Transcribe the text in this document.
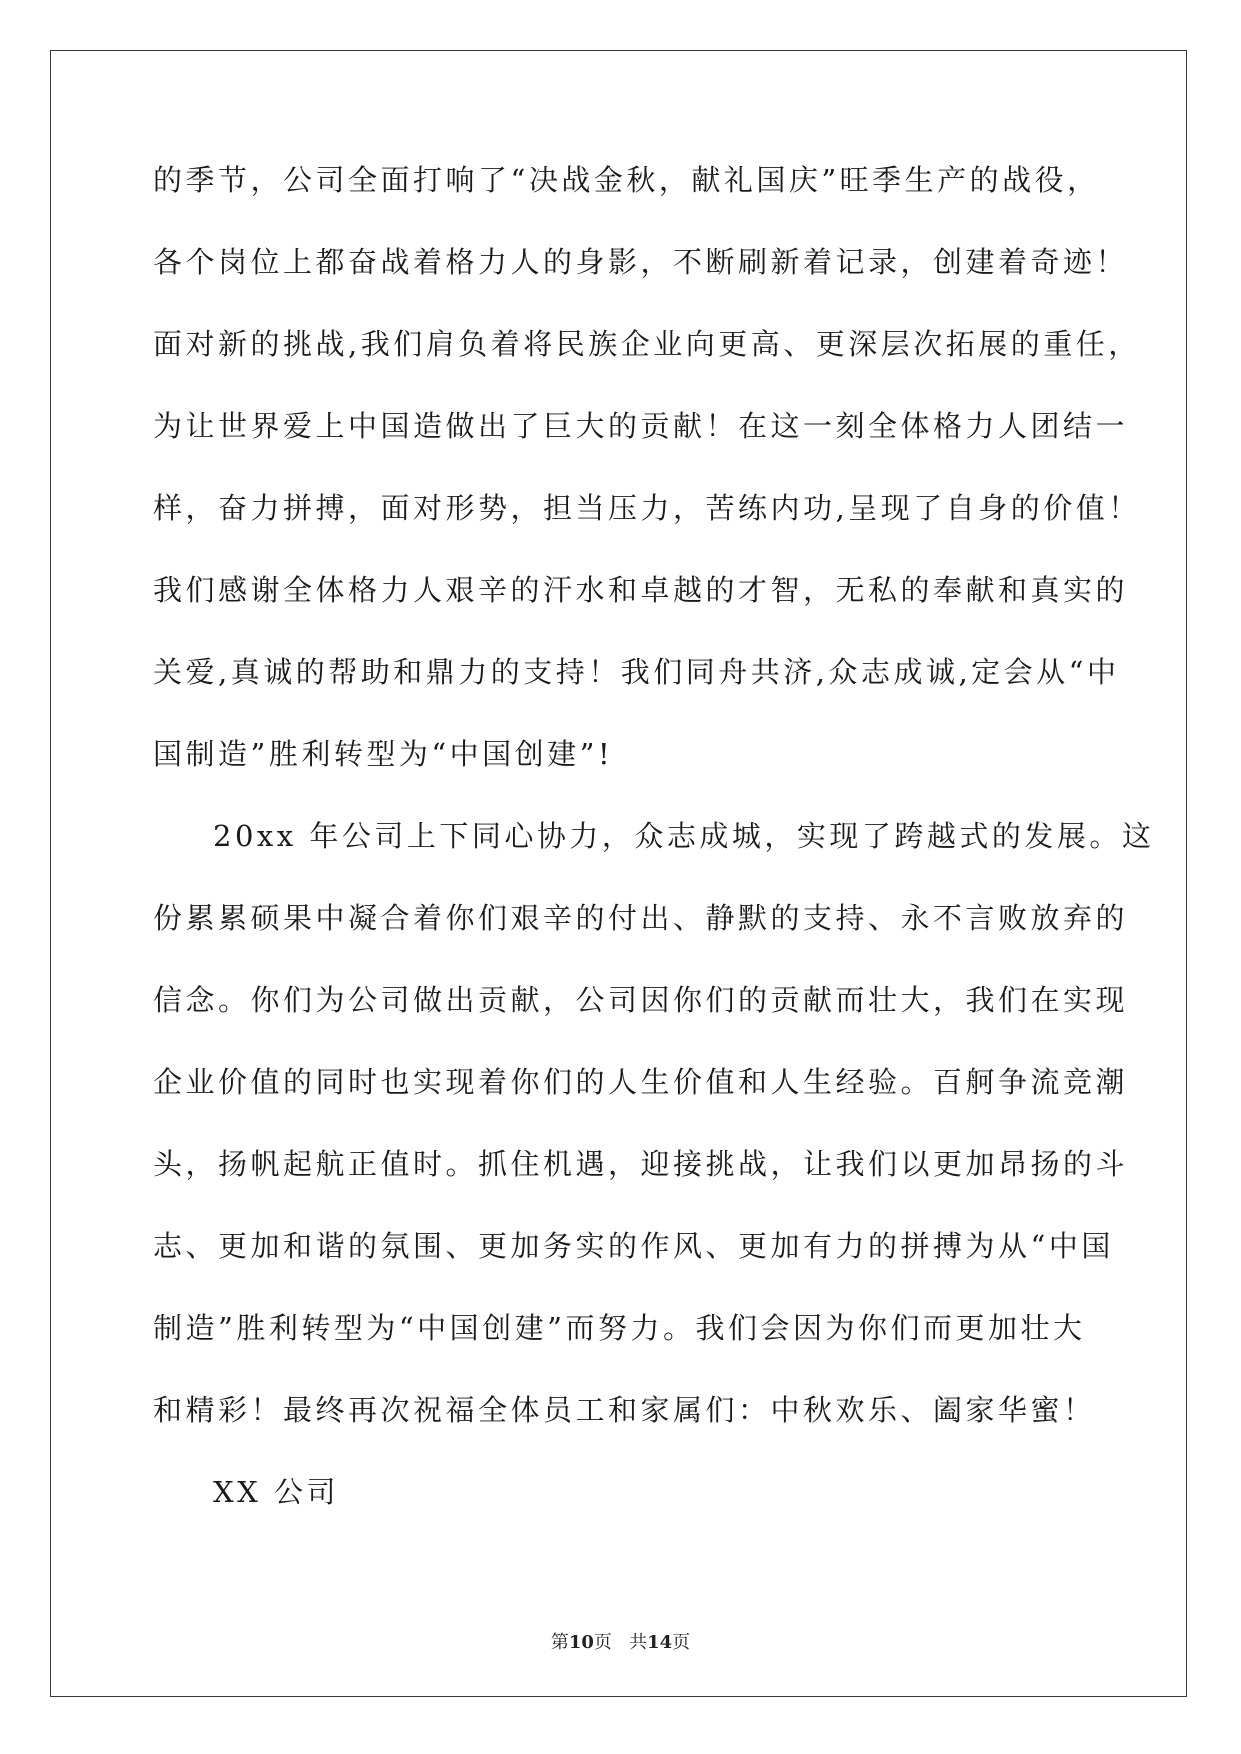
的季节，公司全面打响了“决战金秋，献礼国庆”旺季生产的战役，
各个岗位上都奋战着格力人的身影，不断刷新着记录，创建着奇迹！
面对新的挑战,我们肩负着将民族企业向更高、更深层次拓展的重任，
为让世界爱上中国造做出了巨大的贡献！在这一刻全体格力人团结一
样，奋力拼搏，面对形势，担当压力，苦练内功,呈现了自身的价值！
我们感谢全体格力人艰辛的汗水和卓越的才智，无私的奉献和真实的
关爱,真诚的帮助和鼎力的支持！我们同舟共济,众志成诚,定会从“中
国制造”胜利转型为“中国创建”!
20xx 年公司上下同心协力，众志成城，实现了跨越式的发展。这
份累累硕果中凝合着你们艰辛的付出、静默的支持、永不言败放弃的
信念。你们为公司做出贡献，公司因你们的贡献而壮大，我们在实现
企业价值的同时也实现着你们的人生价值和人生经验。百舸争流竞潮
头，扬帆起航正值时。抓住机遇，迎接挑战，让我们以更加昂扬的斗
志、更加和谐的氛围、更加务实的作风、更加有力的拼搏为从“中国
制造”胜利转型为“中国创建”而努力。我们会因为你们而更加壮大
和精彩！最终再次祝福全体员工和家属们：中秋欢乐、阖家华蜜！
XX 公司
第10页 共14页
